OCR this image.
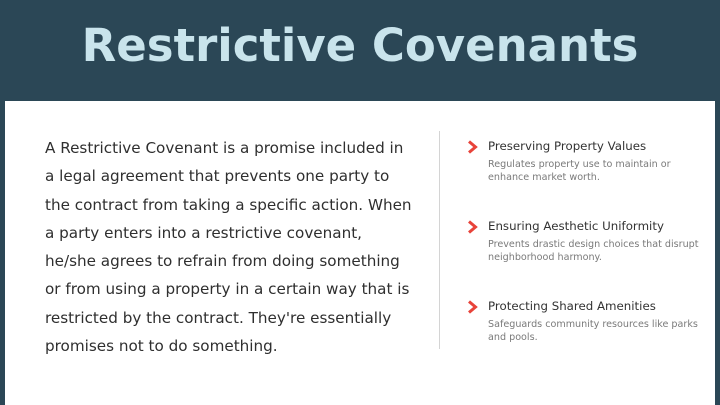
Restrictive Covenants

A Restrictive Covenant is a promise included in a legal agreement that prevents one party to the contract from taking a specific action. When a party enters into a restrictive covenant, he/she agrees to refrain from doing something or from using a property in a certain way that is restricted by the contract. They're essentially promises not to do something.

Preserving Property Values
Regulates property use to maintain or enhance market worth.
Ensuring Aesthetic Uniformity
Prevents drastic design choices that disrupt neighborhood harmony.
Protecting Shared Amenities
Safeguards community resources like parks and pools.
